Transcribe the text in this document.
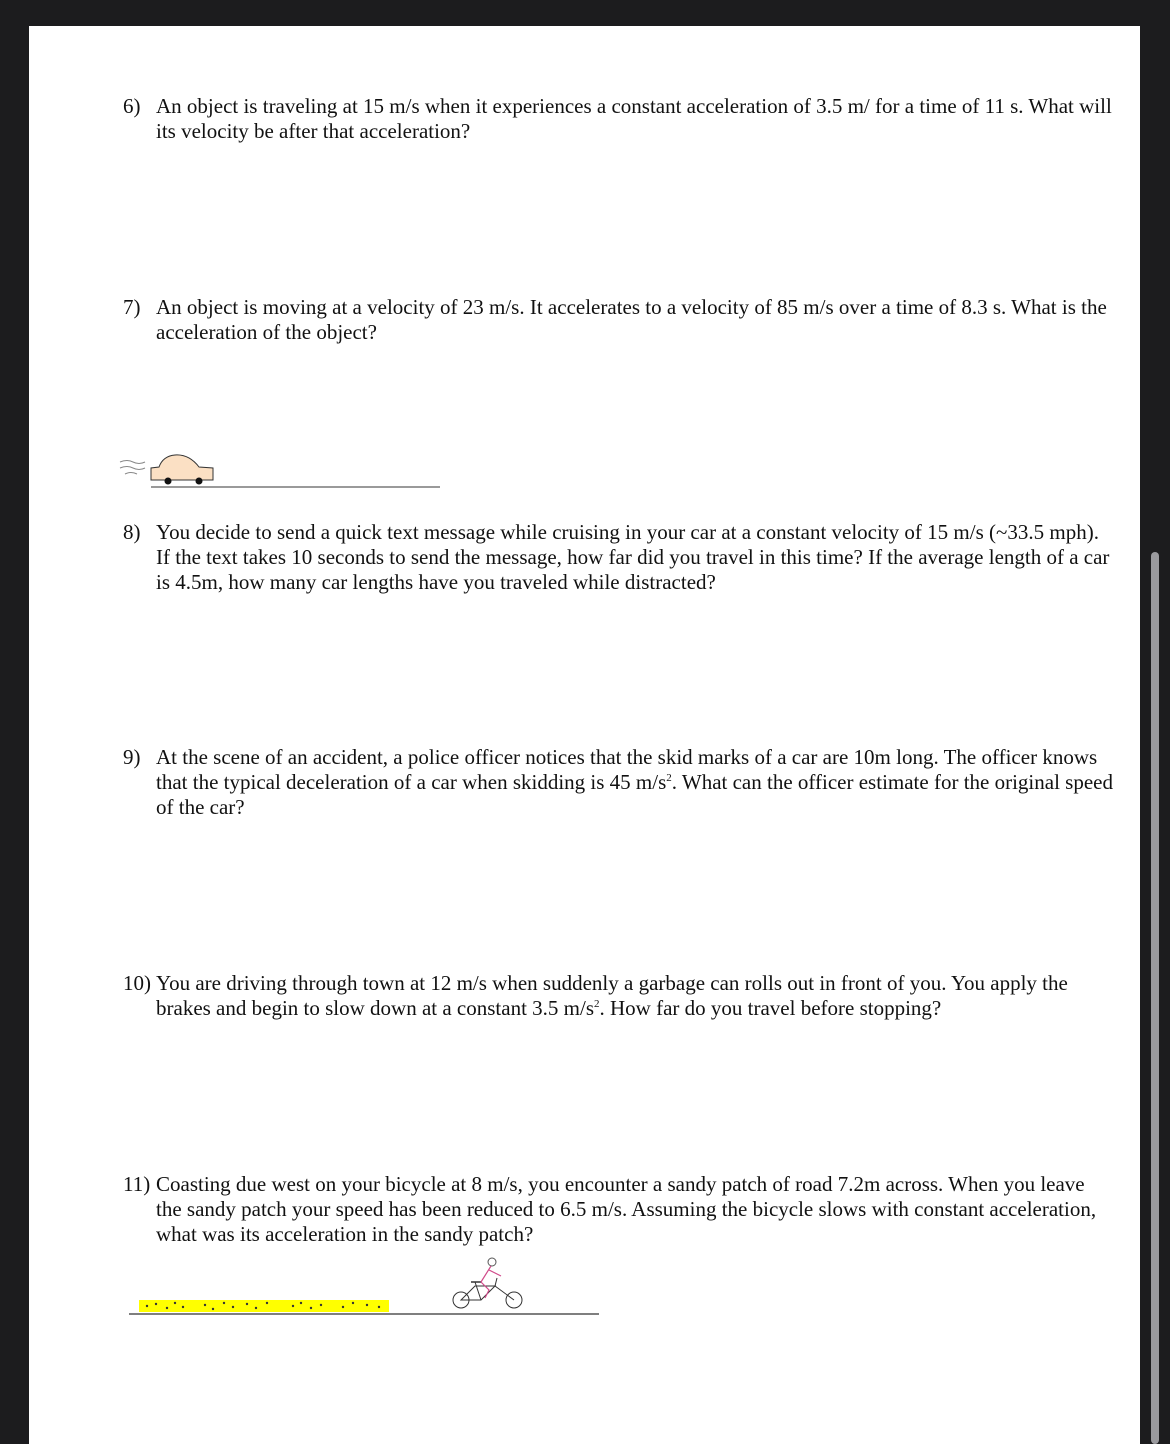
6) An object is traveling at 15 m/s when it experiences a constant acceleration of 3.5 m/ for a time of 11 s. What will its velocity be after that acceleration?
7) An object is moving at a velocity of 23 m/s. It accelerates to a velocity of 85 m/s over a time of 8.3 s. What is the acceleration of the object?
8) You decide to send a quick text message while cruising in your car at a constant velocity of 15 m/s (~33.5 mph). If the text takes 10 seconds to send the message, how far did you travel in this time? If the average length of a car is 4.5m, how many car lengths have you traveled while distracted?
9) At the scene of an accident, a police officer notices that the skid marks of a car are 10m long. The officer knows that the typical deceleration of a car when skidding is 45 $m/s^2$. What can the officer estimate for the original speed of the car?
10) You are driving through town at 12 m/s when suddenly a garbage can rolls out in front of you. You apply the brakes and begin to slow down at a constant 3.5 $m/s^2$. How far do you travel before stopping?
11) Coasting due west on your bicycle at 8 m/s, you encounter a sandy patch of road 7.2m across. When you leave the sandy patch your speed has been reduced to 6.5 m/s. Assuming the bicycle slows with constant acceleration, what was its acceleration in the sandy patch?
